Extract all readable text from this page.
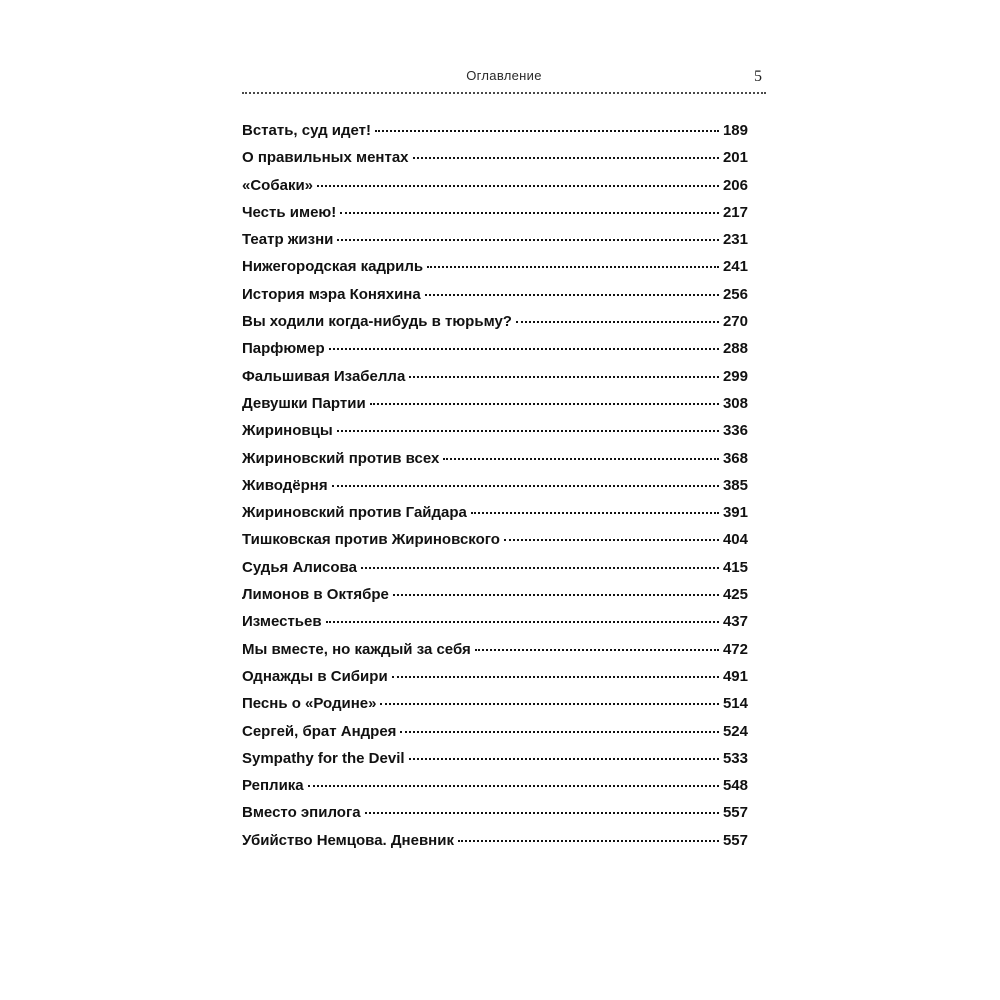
Оглавление	5
Встать, суд идет!	189
О правильных ментах	201
«Собаки»	206
Честь имею!	217
Театр жизни	231
Нижегородская кадриль	241
История мэра Коняхина	256
Вы ходили когда-нибудь в тюрьму?	270
Парфюмер	288
Фальшивая Изабелла	299
Девушки Партии	308
Жириновцы	336
Жириновский против всех	368
Живодёрня	385
Жириновский против Гайдара	391
Тишковская против Жириновского	404
Судья Алисова	415
Лимонов в Октябре	425
Изместьев	437
Мы вместе, но каждый за себя	472
Однажды в Сибири	491
Песнь о «Родине»	514
Сергей, брат Андрея	524
Sympathy for the Devil	533
Реплика	548
Вместо эпилога	557
Убийство Немцова. Дневник	557
